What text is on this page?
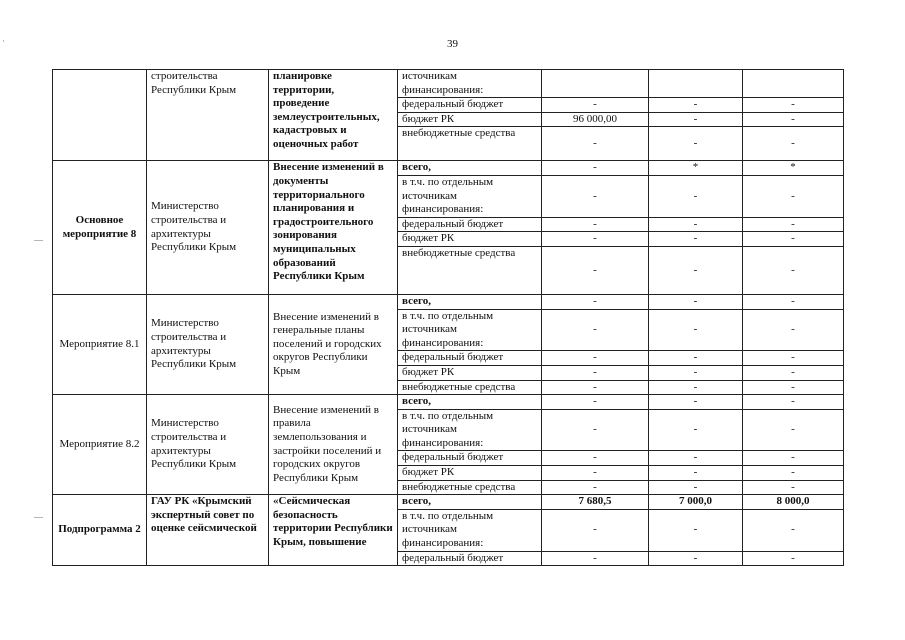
39
·
—
—
	строительства Республики Крым	планировке территории, проведение землеустроительных, кадастровых и оценочных работ	источникам финансирования:			
			федеральный бюджет	-	-	-
			бюджет РК	96 000,00	-	-
			внебюджетные средства	-	-	-
Основное мероприятие 8	Министерство строительства и архитектуры Республики Крым	Внесение изменений в документы территориального планирования и градостроительного зонирования муниципальных образований Республики Крым	всего,	-	*	*
			в т.ч. по отдельным источникам финансирования:	-	-	-
			федеральный бюджет	-	-	-
			бюджет РК	-	-	-
			внебюджетные средства	-	-	-
Мероприятие 8.1	Министерство строительства и архитектуры Республики Крым	Внесение изменений в генеральные планы поселений и городских округов Республики Крым	всего,	-	-	-
			в т.ч. по отдельным источникам финансирования:	-	-	-
			федеральный бюджет	-	-	-
			бюджет РК	-	-	-
			внебюджетные средства	-	-	-
Мероприятие 8.2	Министерство строительства и архитектуры Республики Крым	Внесение изменений в правила землепользования и застройки поселений и городских округов Республики Крым	всего,	-	-	-
			в т.ч. по отдельным источникам финансирования:	-	-	-
			федеральный бюджет	-	-	-
			бюджет РК	-	-	-
			внебюджетные средства	-	-	-
Подпрограмма 2	ГАУ РК «Крымский экспертный совет по оценке сейсмической	«Сейсмическая безопасность территории Республики Крым, повышение	всего,	7 680,5	7 000,0	8 000,0
			в т.ч. по отдельным источникам финансирования:	-	-	-
			федеральный бюджет	-	-	-
